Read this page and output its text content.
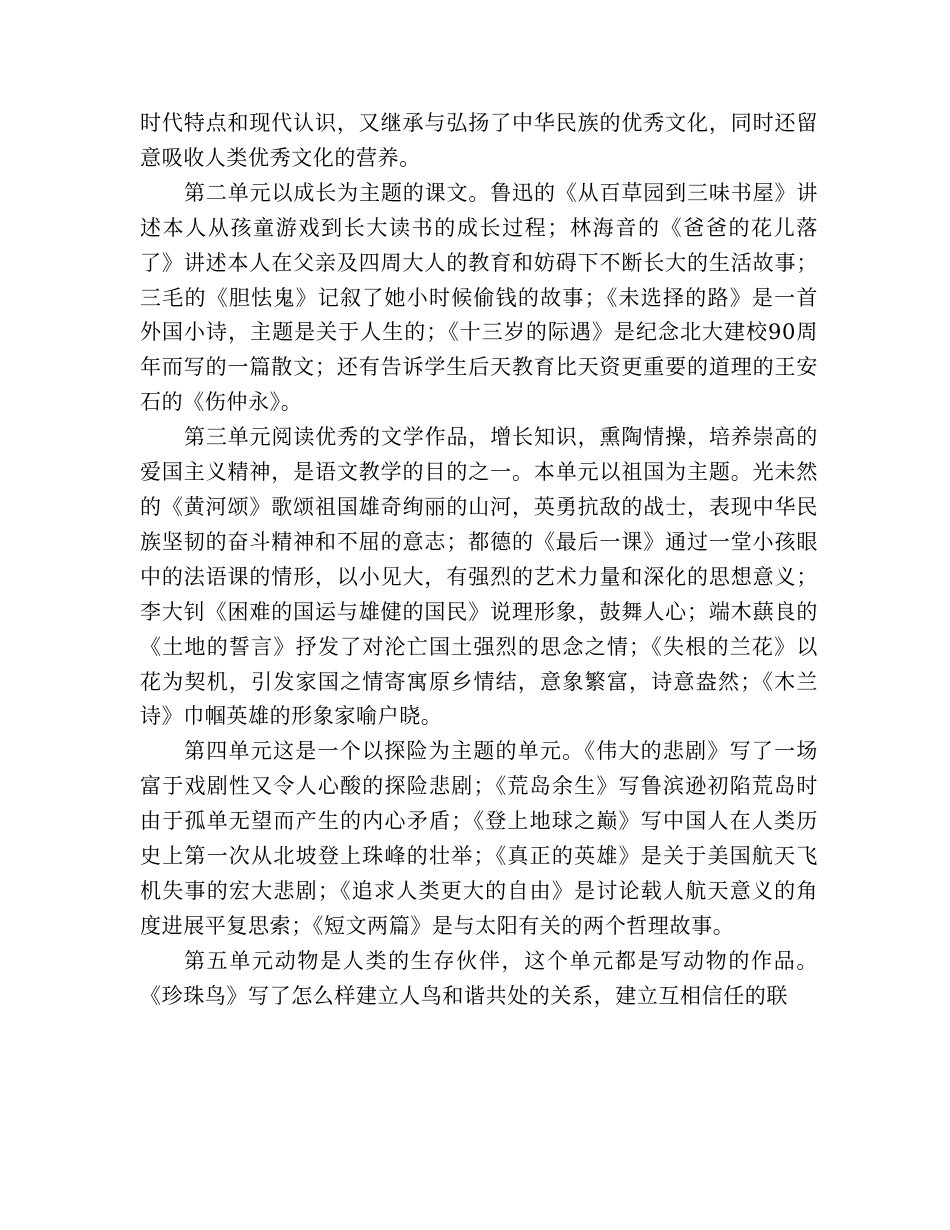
时代特点和现代认识，又继承与弘扬了中华民族的优秀文化，同时还留意吸收人类优秀文化的营养。

第二单元以成长为主题的课文。鲁迅的《从百草园到三味书屋》讲述本人从孩童游戏到长大读书的成长过程；林海音的《爸爸的花儿落了》讲述本人在父亲及四周大人的教育和妨碍下不断长大的生活故事；三毛的《胆怯鬼》记叙了她小时候偷钱的故事；《未选择的路》是一首外国小诗，主题是关于人生的；《十三岁的际遇》是纪念北大建校90周年而写的一篇散文；还有告诉学生后天教育比天资更重要的道理的王安石的《伤仲永》。

第三单元阅读优秀的文学作品，增长知识，熏陶情操，培养崇高的爱国主义精神，是语文教学的目的之一。本单元以祖国为主题。光未然的《黄河颂》歌颂祖国雄奇绚丽的山河，英勇抗敌的战士，表现中华民族坚韧的奋斗精神和不屈的意志；都德的《最后一课》通过一堂小孩眼中的法语课的情形，以小见大，有强烈的艺术力量和深化的思想意义；李大钊《困难的国运与雄健的国民》说理形象，鼓舞人心；端木蕻良的《土地的誓言》抒发了对沦亡国土强烈的思念之情；《失根的兰花》以花为契机，引发家国之情寄寓原乡情结，意象繁富，诗意盎然；《木兰诗》巾帼英雄的形象家喻户晓。

第四单元这是一个以探险为主题的单元。《伟大的悲剧》写了一场富于戏剧性又令人心酸的探险悲剧；《荒岛余生》写鲁滨逊初陷荒岛时由于孤单无望而产生的内心矛盾；《登上地球之巅》写中国人在人类历史上第一次从北坡登上珠峰的壮举；《真正的英雄》是关于美国航天飞机失事的宏大悲剧；《追求人类更大的自由》是讨论载人航天意义的角度进展平复思索；《短文两篇》是与太阳有关的两个哲理故事。

第五单元动物是人类的生存伙伴，这个单元都是写动物的作品。《珍珠鸟》写了怎么样建立人鸟和谐共处的关系，建立互相信任的联
